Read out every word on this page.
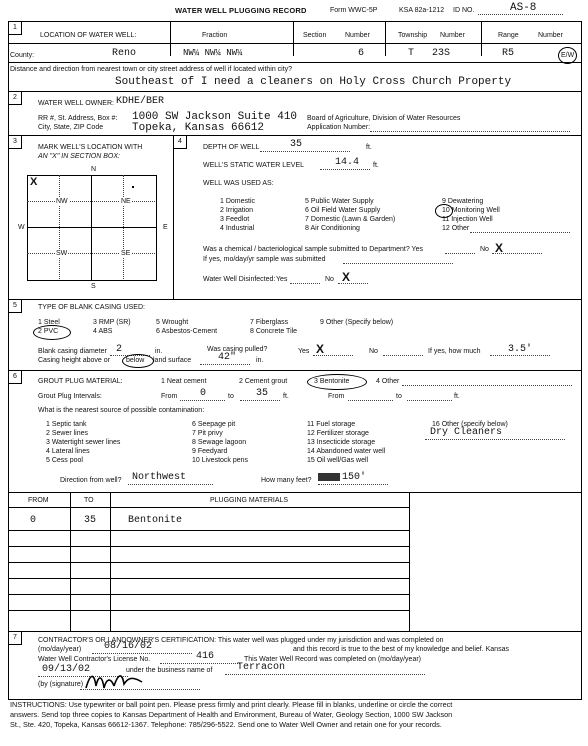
WATER WELL PLUGGING RECORD	Form WWC-5P	KSA 82a-1212 ID NO.	AS-8
1
LOCATION OF WATER WELL:	Fraction	Section	Number	Township Number	Range	Number
County:	Reno	NW¼ NW¼ NW¼	6	T 23S	R5	E/W
Distance and direction from nearest town or city street address of well if located within city?
Southeast of I need a cleaners on Holy Cross Church Property
2
WATER WELL OWNER: KDHE/BER
RR #, St. Address, Box #: 1000 SW Jackson Suite 410
City, State, ZIP Code	Topeka, Kansas 66612
Board of Agriculture, Division of Water Resources
Application Number:
3
MARK WELL'S LOCATION WITH
AN "X" IN SECTION BOX:
N
S
W	E
NW	NE
SW	SE
X
4
DEPTH OF WELL	35	ft.
WELL'S STATIC WATER LEVEL	14.4 ft.
WELL WAS USED AS:
1 Domestic
2 Irrigation
3 Feedlot
4 Industrial
5 Public Water Supply
6 Oil Field Water Supply
7 Domestic (Lawn & Garden)
8 Air Conditioning
9 Dewatering
10 Monitoring Well
11 Injection Well
12 Other
Was a chemical / bacteriological sample submitted to Department? Yes	No X
If yes, mo/day/yr sample was submitted
Water Well Disinfected: Yes	No X
5	TYPE OF BLANK CASING USED:
1 Steel
2 PVC
3 RMP (SR)
4 ABS
5 Wrought
6 Asbestos-Cement
7 Fiberglass
8 Concrete Tile
9 Other (Specify below)
Blank casing diameter 2	in.	Was casing pulled?	Yes X	No	If yes, how much	3.5'
Casing height above or below land surface	42"	in.
6
GROUT PLUG MATERIAL:	1 Neat cement	2 Cement grout	3 Bentonite	4 Other
Grout Plug Intervals:	From 0	to 35 ft.	From	to	ft.
What is the nearest source of possible contamination:
1 Septic tank
2 Sewer lines
3 Watertight sewer lines
4 Lateral lines
5 Cess pool
6 Seepage pit
7 Pit privy
8 Sewage lagoon
9 Feedyard
10 Livestock pens
11 Fuel storage
12 Fertilizer storage
13 Insecticide storage
14 Abandoned water well
15 Oil well/Gas well
16 Other (specify below)
Dry Cleaners
Direction from well? Northwest	How many feet?	150'
FROM	TO	PLUGGING MATERIALS
0	35	Bentonite
7	CONTRACTOR'S OR LANDOWNER'S CERTIFICATION: This water well was plugged under my jurisdiction and was completed on
(mo/day/year) 08/16/02	and this record is true to the best of my knowledge and belief. Kansas
Water Well Contractor's License No.	416	This Water Well Record was completed on (mo/day/year)
09/13/02	under the business name of Terracon
(by (signature)
INSTRUCTIONS: Use typewriter or ball point pen. Please press firmly and print clearly. Please fill in blanks, underline or circle the correct
answers. Send top three copies to Kansas Department of Health and Environment, Bureau of Water, Geology Section, 1000 SW Jackson
St., Ste. 420, Topeka, Kansas 66612-1367. Telephone: 785/296-5522. Send one to Water Well Owner and retain one for your records.
